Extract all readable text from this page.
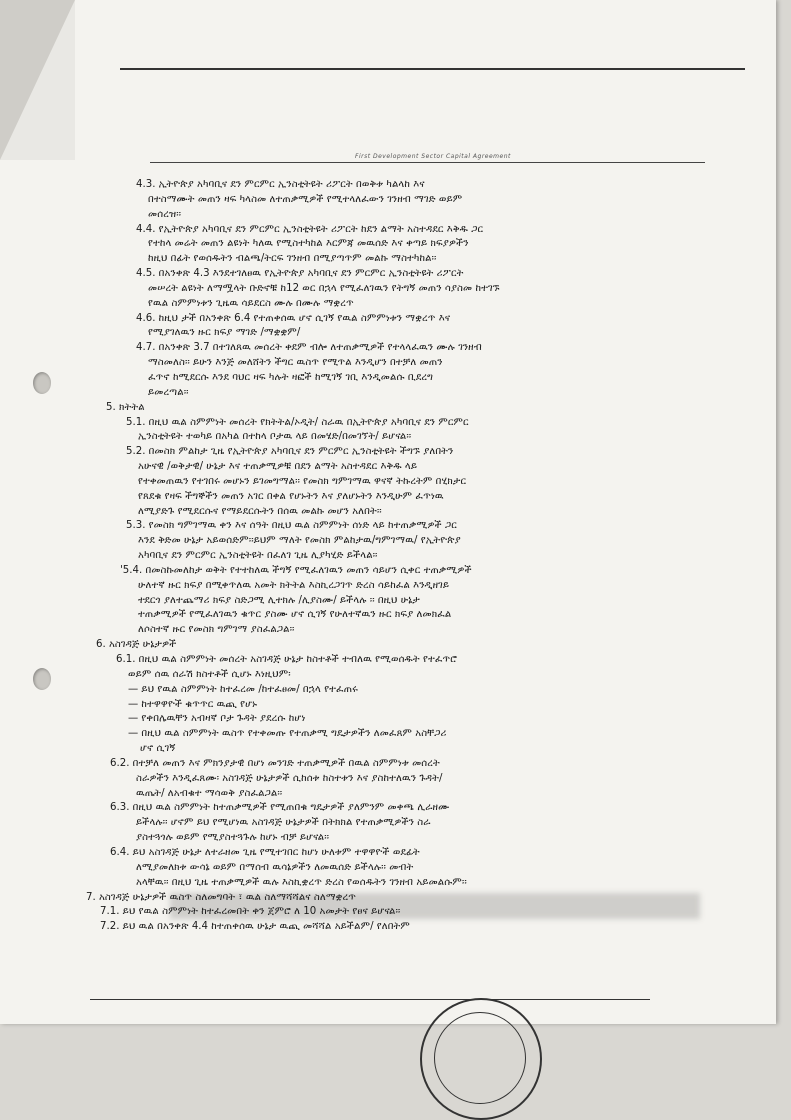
First Development Sector Capital Agreement
4.3. ኢትዮጵያ አካባቢና ደን ምርምር ኢንስቲትዩት ሪፖርት በወቅቱ ካልላከ እና
በተስማሙት መጠን ዛፍ ካላስመ ለተጠቃሚዎች የሚተላለፈውን ገንዘብ ማገድ ወይም
መሰረዝ፡፡
4.4. የኢትዮጵያ አካባቢና ደን ምርምር ኢንስቲትዩት ሪፖርት ከደን ልማት አስተዳደር እቅዱ ጋር
የተከላ መሬት መጠን ልዩነት ካለዉ የሚስተካከል እርምጃ መዉሰድ እና ቀጣይ ክፍያዎችን
ከዚህ በፊት የወሰዱትን ብልጫ/ትርፍ ገንዘብ በሚያጣጥም መልኩ ማስተካከል፡፡
4.5. በአንቀጽ 4.3 እንደተገለፀዉ የኢትዮጵያ አካባቢና ደን ምርምር ኢንስቲትዩት ሪፖርት
መሠረት ልዩነት ለማሟላት ቡድኖቹ ከ12 ወር በኋላ የሚፈለገዉን የትግኝ መጠን ሳያስመ ከተገኙ
የዉል ስምምነቱን ጊዜዉ ሳይደርስ ሙሉ በሙሉ ማቋረጥ
4.6. ከዚህ ታች በአንቀጽ 6.4 የተጠቀሰዉ ሆኖ ሲገኝ የዉል ስምምነቱን ማቋረጥ እና
የሚያገለዉን ዙር ክፍያ ማገድ /ማቋቋም/
4.7. በአንቀጽ 3.7 በተገለጸዉ መሰረት ቀደም ብሎ ለተጠቃሚዎች የተላላፈዉን ሙሉ ገንዘብ
ማስመለስ፡፡ ይሁን እንጅ መለሸትን ችግር ዉስጥ የሚጥል እንዲሆን በተቻለ መጠን
ፈጥኖ ከሚደርሱ እንደ ባህር ዛፍ ካሉት ዛፎች ከሚገኝ ገቢ እንዲመልሱ ቢደረግ
ይመረጣል፡፡
5. ክትትል
5.1. በዚህ ዉል ስምምነት መሰረት የክትትል/ኦዲት/ ስራዉ በኢትዮጵያ አካባቢና ደን ምርምር
ኢንስቲትዩት ተወካይ በአካል በተከላ ቦታዉ ላይ በመሄድ/በመገኘት/ ይሆናል፡፡
5.2. በመስክ ምልከታ ጊዜ የኢትዮጵያ አካባቢና ደን ምርምር ኢንስቲትዩት ችግኙ ያለበትን
አሁናዊ /ወቅታዊ/ ሁኔታ እና ተጠቃሚዎቹ በደን ልማት አስተዳደር እቅዱ ላይ
የተቀመጠዉን የተገበሩ መሆኑን ይገመግማል፡፡ የመስክ ግምገማዉ ዋናኛ ትኩረትም በሂክታር
የጸደቁ የዛፍ ችግኞችን መጠን አገር በቀል የሆኑትን እና ያለሆኑትን እንዲሁም ፈጥነዉ
ለሚያድጉ የሚደርሱና የማይደርሱትን በሰዉ መልኩ መሆን አለበት፡፡
5.3. የመስክ ግምገማዉ ቀን እና ሰዓት በዚህ ዉል ስምምነት ሰነድ ላይ ከተጠቃሚዎች ጋር
እንደ ቅድመ ሁኔታ አይወሰድም፡፡ይህም ማለት የመስክ ምልከታዉ/ግምገማዉ/ የኢትዮጵያ
አካባቢና ደን ምርምር ኢንስቲትዩት በፈለገ ጊዜ ሊያካሂድ ይችላል፡፡
'5.4. በመስኩመለከታ ወቅት የተተከለዉ ችግኝ የሚፈለገዉን መጠን ሳይሆን ሲቀር ተጠቃሚዎች
ሁለተኛ ዙር ክፍያ በሚቀጥለዉ አመት ክትትል እስኪረጋገጥ ድረስ ሳይከፈል እንዲዘገይ
ተደርጎ ያለተጨማሪ ክፍያ ስድጋሚ ሊተክሉ /ሊያስሙ/ ይችላሉ ፡፡ በዚህ ሁኔታ
ተጠቃሚዎች የሚፈለገዉን ቁጥር ያስሙ ሆኖ ሲገኝ የሁለተኛዉን ዙር ክፍያ ለመክፈል
ለሶስተኛ ዙር የመስክ ግምገማ ያስፈልጋል፡፡
6. አስገዳጅ ሁኔታዎች
6.1. በዚህ ዉል ስምምነት መሰረት አስገዳጅ ሁኔታ ከስተቶች ተብለዉ የሚወሰዱት የተፈጥሮ
ወይም ሰዉ ሰራሽ ክስተቶች ሲሆኑ እነዚህም፡
— ይህ የዉል ስምምነት ከተፈረመ /ከተፈፀመ/ በኋላ የተፈጠሩ
— ከተዋዋዮች ቁጥጥር ዉጪ የሆኑ
— የቀበሌዉቸን አብዛኛ ቦታ ጉዳት ያደረሱ ከሆነ
— በዚህ ዉል ስምምነት ዉስጥ የተቀመጡ የተጠቃሚ ግዴታዎችን ለመፈጸም አስቸጋሪ
ሆኖ ሲገኝ
6.2. በተቻለ መጠን እና ምክንያታዊ በሆነ መንገድ ተጠቃሚዎች በዉል ስምምነቱ መሰረት
ስራዎችን እንዲፈጸሙ፡ አስገዳጅ ሁኔታዎች ሲከሰቱ ከስተቱን እና ያስከተለዉን ጉዳት/
ዉጤት/ ለአብቁተ ማሳወቅ ያስፈልጋል፡፡
6.3. በዚህ ዉል ስምምነት ከተጠቃሚዎች የሚጠበቁ ግዴታዎች ያለምንም መቀጫ ሊራዘሙ
ይችላሉ፡፡ ሆኖም ይህ የሚሆነዉ አስገዳጅ ሁኔታዎች በትክክል የተጠቃሚዎችን ስራ
ያስተጓጎሉ ወይም የሚያስተጓጉሉ ከሆኑ ብቻ ይሆናል፡፡
6.4. ይህ አስገዳጅ ሁኔታ ለተራዘመ ጊዜ የሚተገበር ከሆነ ሁለቱም ተዋዋዮች ወደፊት
ለሚያመለክቱ ውሳኔ ወይም በማሰብ ዉሳኔዎችን ለመዉሰድ ይችላሉ፡፡ መብት
አላቸዉ፡፡ በዚህ ጊዜ ተጠቃሚዎች ዉሉ እስኪቋረጥ ድረስ የወሰዱትን ገንዘብ አይመልሱም፡፡
7. አስገዳጅ ሁኔታዎች ዉስጥ ስለመግባት ፣ ዉል ስለማሻሻልና ስለማቋረጥ
7.1. ይህ የዉል ስምምነት ከተፈረመበት ቀን ጀምሮ ለ 10 አመታት የፀና ይሆናል፡፡
7.2. ይህ ዉል በአንቀጽ 4.4 ከተጠቀሰዉ ሁኔታ ዉጪ መሻሻል አይችልም/ የለበትም
